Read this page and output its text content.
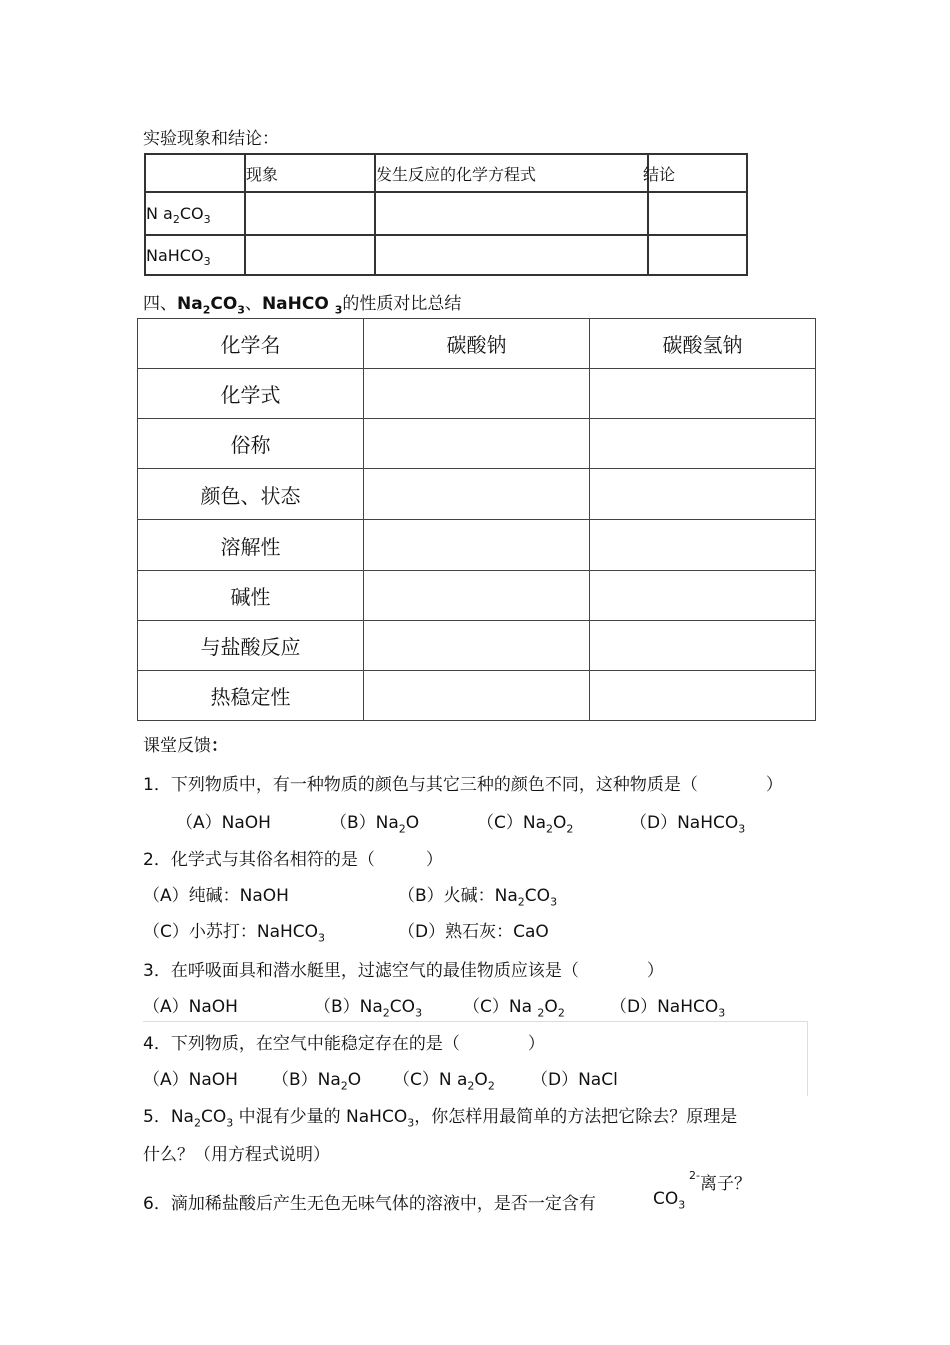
实验现象和结论：
	现象	发生反应的化学方程式	结论
N $a_2CO_3$			
NaHCO$_3$			
四、$Na_2CO_3$、NaHCO $_3$的性质对比总结
化学名	碳酸钠	碳酸氢钠
化学式		
俗称		
颜色、状态		
溶解性		
碱性		
与盐酸反应		
热稳定性		
课堂反馈：
1．下列物质中，有一种物质的颜色与其它三种的颜色不同，这种物质是（　　　　）
（A）NaOH	$(B)Na_2O$	$(C)Na_2O_2$	（D）NaHCO$_3$
2．化学式与其俗名相符的是（　　　）
（A）纯碱：NaOH	（B）火碱：$Na_2CO_3$
（C）小苏打：NaHCO$_3$	（D）熟石灰：CaO
3．在呼吸面具和潜水艇里，过滤空气的最佳物质应该是（　　　　）
（A）NaOH	$(B)Na_2CO_3$ （C）Na $_2O_2$	（D）NaHCO$_3$
4．下列物质，在空气中能稳定存在的是（　　　　）
（A）NaOH $(B)Na_2O$ （C）N $a_2O_2$ （D）NaCl
5．$Na_2CO_3$ 中混有少量的 NaHCO$_3$，你怎样用最简单的方法把它除去？原理是
什么？（用方程式说明）
6．滴加稀盐酸后产生无色无味气体的溶液中，是否一定含有	$CO_3$
2- 离子？
